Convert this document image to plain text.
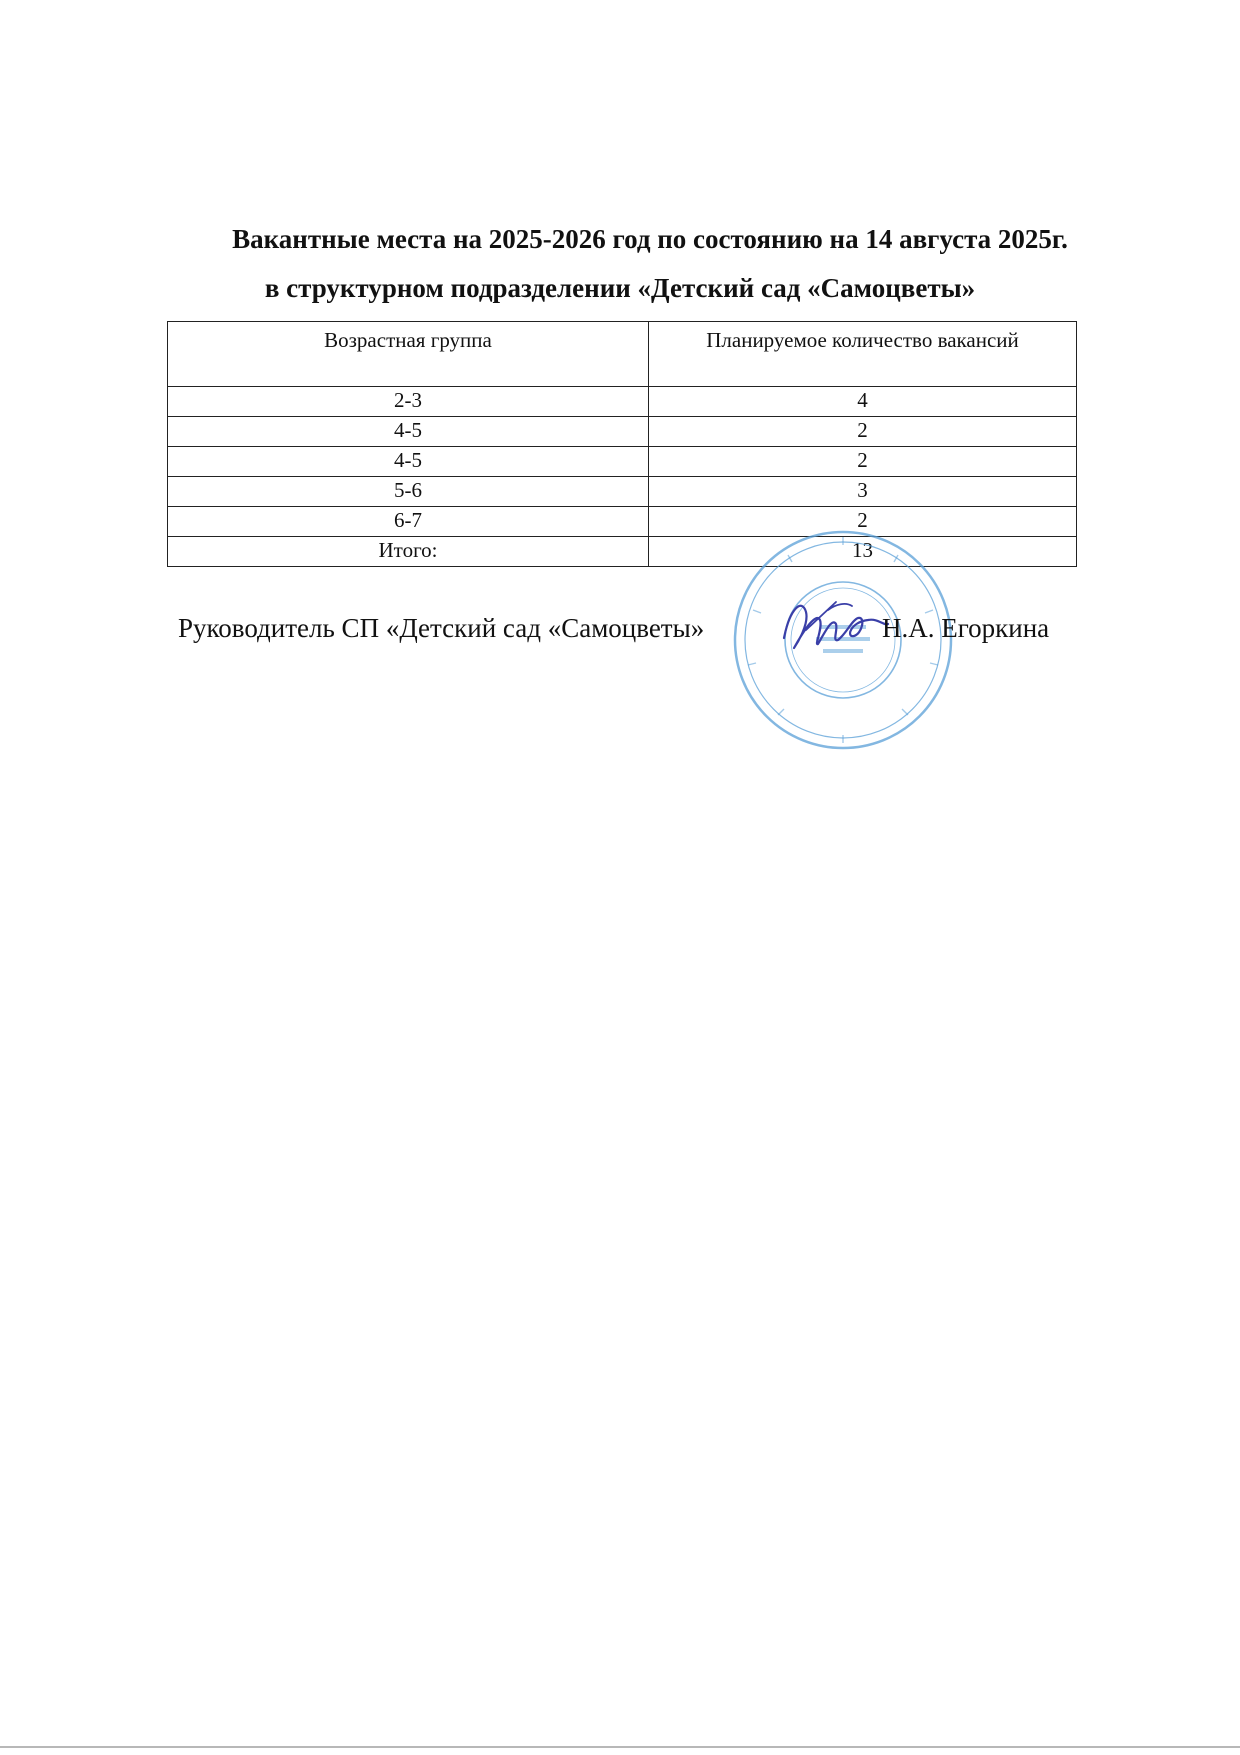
Вакантные места на 2025-2026 год по состоянию на 14 августа 2025г.
в структурном подразделении «Детский сад «Самоцветы»
Возрастная группа	Планируемое количество вакансий
2-3	4
4-5	2
4-5	2
5-6	3
6-7	2
Итого:	13
Руководитель СП «Детский сад «Самоцветы»	Н.А. Егоркина
